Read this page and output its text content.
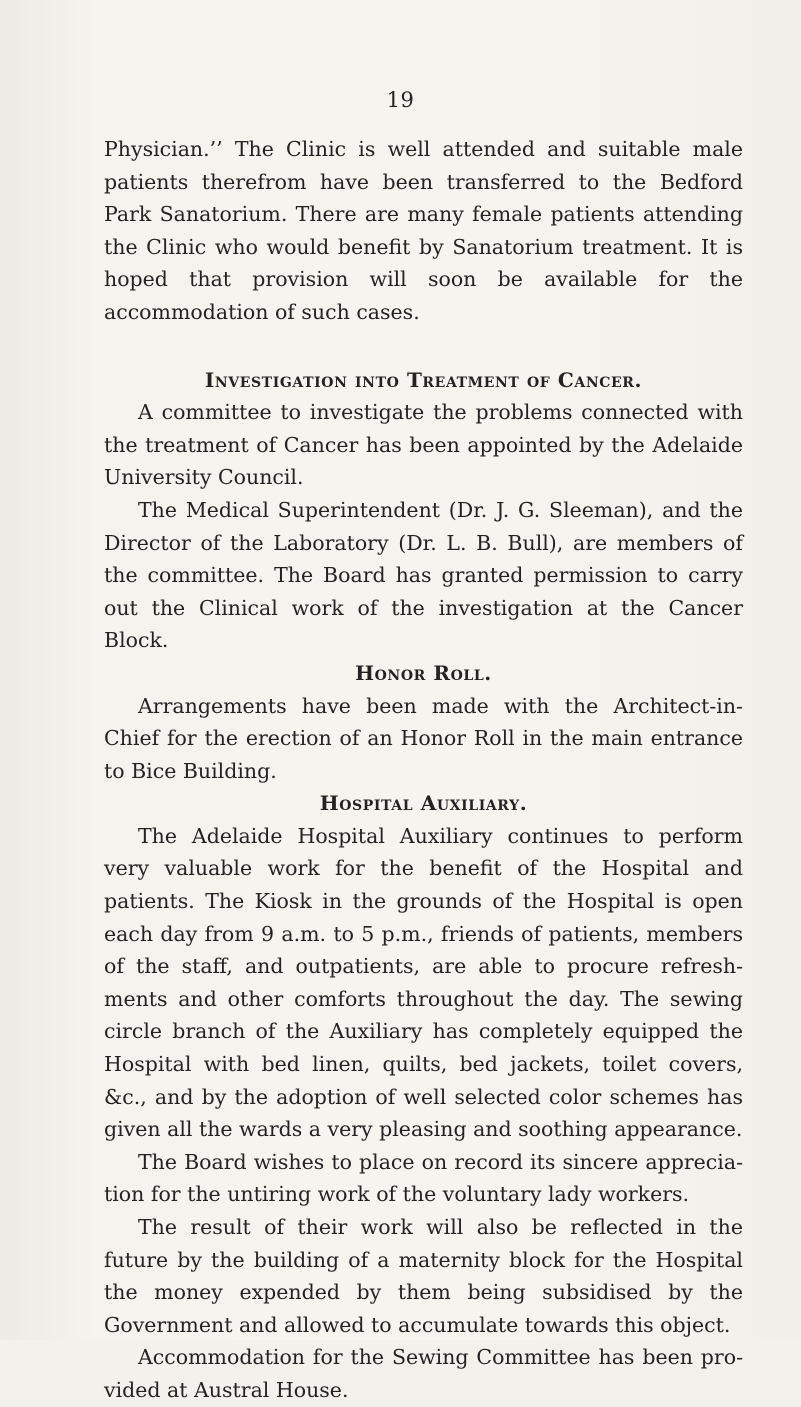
19

Physician.’’ The Clinic is well attended and suitable male patients therefrom have been transferred to the Bedford Park Sanatorium. There are many female patients attending the Clinic who would benefit by Sanatorium treatment. It is hoped that provision will soon be available for the accommodation of such cases.

Investigation into Treatment of Cancer.

A committee to investigate the problems connected with the treatment of Cancer has been appointed by the Adelaide University Council.

The Medical Superintendent (Dr. J. G. Sleeman), and the Director of the Laboratory (Dr. L. B. Bull), are members of the committee. The Board has granted permission to carry out the Clinical work of the investigation at the Cancer Block.

Honor Roll.

Arrangements have been made with the Architect-in-Chief for the erection of an Honor Roll in the main entrance to Bice Building.

Hospital Auxiliary.

The Adelaide Hospital Auxiliary continues to perform very valuable work for the benefit of the Hospital and patients. The Kiosk in the grounds of the Hospital is open each day from 9 a.m. to 5 p.m., friends of patients, members of the staff, and outpatients, are able to procure refreshments and other comforts throughout the day. The sewing circle branch of the Auxiliary has completely equipped the Hospital with bed linen, quilts, bed jackets, toilet covers, &c., and by the adoption of well selected color schemes has given all the wards a very pleasing and soothing appearance.

The Board wishes to place on record its sincere appreciation for the untiring work of the voluntary lady workers.

The result of their work will also be reflected in the future by the building of a maternity block for the Hospital the money expended by them being subsidised by the Government and allowed to accumulate towards this object.

Accommodation for the Sewing Committee has been provided at Austral House.
